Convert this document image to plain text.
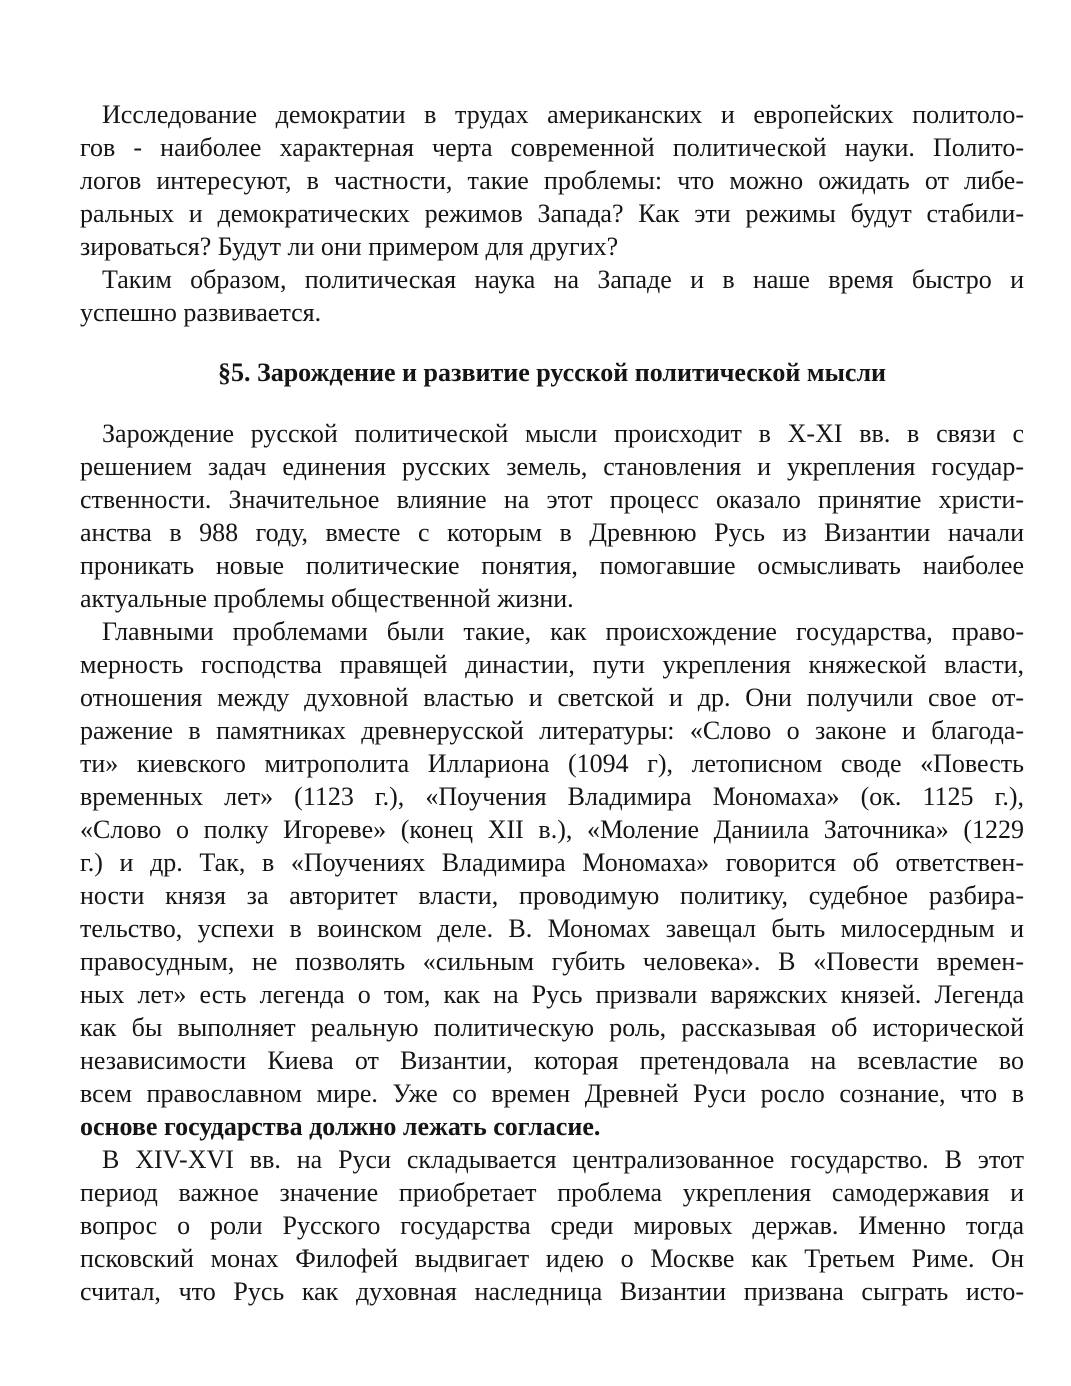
Исследование демократии в трудах американских и европейских политоло-
гов - наиболее характерная черта современной политической науки. Полито-
логов интересуют, в частности, такие проблемы: что можно ожидать от либе-
ральных и демократических режимов Запада? Как эти режимы будут стабили-
зироваться? Будут ли они примером для других?
Таким образом, политическая наука на Западе и в наше время быстро и
успешно развивается.
§5. Зарождение и развитие русской политической мысли
Зарождение русской политической мысли происходит в X-XI вв. в связи с
решением задач единения русских земель, становления и укрепления государ-
ственности. Значительное влияние на этот процесс оказало принятие христи-
анства в 988 году, вместе с которым в Древнюю Русь из Византии начали
проникать новые политические понятия, помогавшие осмысливать наиболее
актуальные проблемы общественной жизни.
Главными проблемами были такие, как происхождение государства, право-
мерность господства правящей династии, пути укрепления княжеской власти,
отношения между духовной властью и светской и др. Они получили свое от-
ражение в памятниках древнерусской литературы: «Слово о законе и благода-
ти» киевского митрополита Иллариона (1094 г), летописном своде «Повесть
временных лет» (1123 г.), «Поучения Владимира Мономаха» (ок. 1125 г.),
«Слово о полку Игореве» (конец XII в.), «Моление Даниила Заточника» (1229
г.) и др. Так, в «Поучениях Владимира Мономаха» говорится об ответствен-
ности князя за авторитет власти, проводимую политику, судебное разбира-
тельство, успехи в воинском деле. В. Мономах завещал быть милосердным и
правосудным, не позволять «сильным губить человека». В «Повести времен-
ных лет» есть легенда о том, как на Русь призвали варяжских князей. Легенда
как бы выполняет реальную политическую роль, рассказывая об исторической
независимости Киева от Византии, которая претендовала на всевластие во
всем православном мире. Уже со времен Древней Руси росло сознание, что в
основе государства должно лежать согласие.
В XIV-XVI вв. на Руси складывается централизованное государство. В этот
период важное значение приобретает проблема укрепления самодержавия и
вопрос о роли Русского государства среди мировых держав. Именно тогда
псковский монах Филофей выдвигает идею о Москве как Третьем Риме. Он
считал, что Русь как духовная наследница Византии призвана сыграть исто-
